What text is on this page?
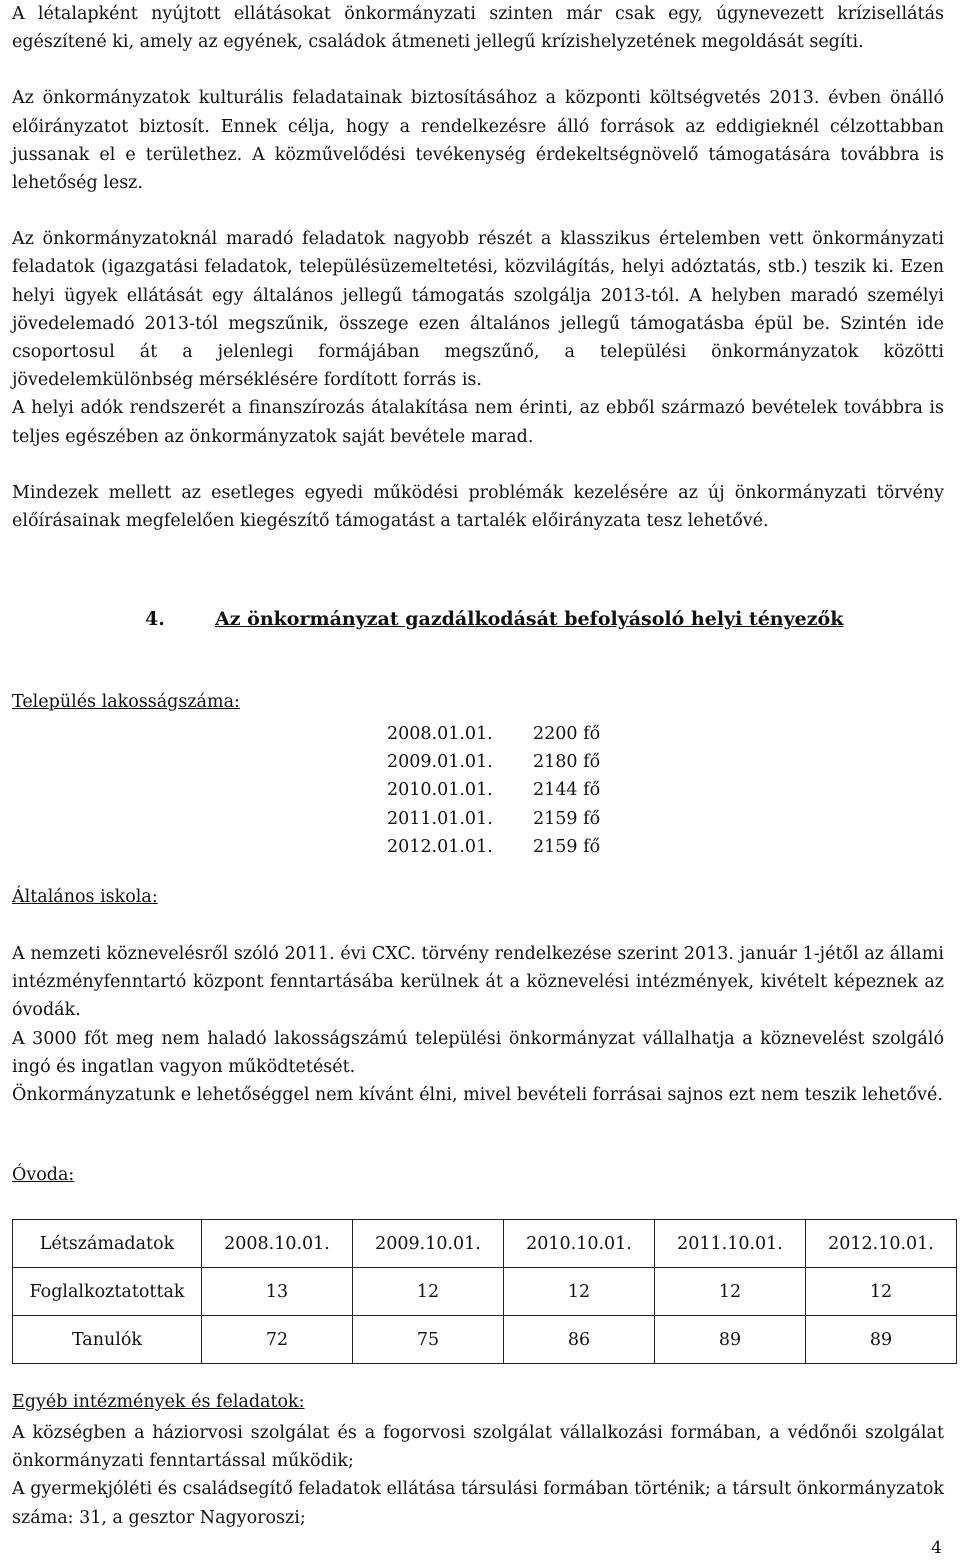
A létalapként nyújtott ellátásokat önkormányzati szinten már csak egy, úgynevezett krízisellátás egészítené ki, amely az egyének, családok átmeneti jellegű krízishelyzetének megoldását segíti.

Az önkormányzatok kulturális feladatainak biztosításához a központi költségvetés 2013. évben önálló előirányzatot biztosít. Ennek célja, hogy a rendelkezésre álló források az eddigieknél célzottabban jussanak el e területhez. A közművelődési tevékenység érdekeltségnövelő támogatására továbbra is lehetőség lesz.

Az önkormányzatoknál maradó feladatok nagyobb részét a klasszikus értelemben vett önkormányzati feladatok (igazgatási feladatok, településüzemeltetési, közvilágítás, helyi adóztatás, stb.) teszik ki. Ezen helyi ügyek ellátását egy általános jellegű támogatás szolgálja 2013-tól. A helyben maradó személyi jövedelemadó 2013-tól megszűnik, összege ezen általános jellegű támogatásba épül be. Szintén ide csoportosul át a jelenlegi formájában megszűnő, a települési önkormányzatok közötti jövedelemkülönbség mérséklésére fordított forrás is.

A helyi adók rendszerét a finanszírozás átalakítása nem érinti, az ebből származó bevételek továbbra is teljes egészében az önkormányzatok saját bevétele marad.

Mindezek mellett az esetleges egyedi működési problémák kezelésére az új önkormányzati törvény előírásainak megfelelően kiegészítő támogatást a tartalék előirányzata tesz lehetővé.

4.	Az önkormányzat gazdálkodását befolyásoló helyi tényezők
Település lakosságszáma:
2008.01.01.	2200 fő
2009.01.01.	2180 fő
2010.01.01.	2144 fő
2011.01.01.	2159 fő
2012.01.01.	2159 fő
Általános iskola:

A nemzeti köznevelésről szóló 2011. évi CXC. törvény rendelkezése szerint 2013. január 1-jétől az állami intézményfenntartó központ fenntartásába kerülnek át a köznevelési intézmények, kivételt képeznek az óvodák.

A 3000 főt meg nem haladó lakosságszámú települési önkormányzat vállalhatja a köznevelést szolgáló ingó és ingatlan vagyon működtetését.

Önkormányzatunk e lehetőséggel nem kívánt élni, mivel bevételi forrásai sajnos ezt nem teszik lehetővé.

Óvoda:
Létszámadatok	2008.10.01.	2009.10.01.	2010.10.01.	2011.10.01.	2012.10.01.
Foglalkoztatottak	13	12	12	12	12
Tanulók	72	75	86	89	89
Egyéb intézmények és feladatok:

A községben a háziorvosi szolgálat és a fogorvosi szolgálat vállalkozási formában, a védőnői szolgálat önkormányzati fenntartással működik;

A gyermekjóléti és családsegítő feladatok ellátása társulási formában történik; a társult önkormányzatok száma: 31, a gesztor Nagyoroszi;

4
